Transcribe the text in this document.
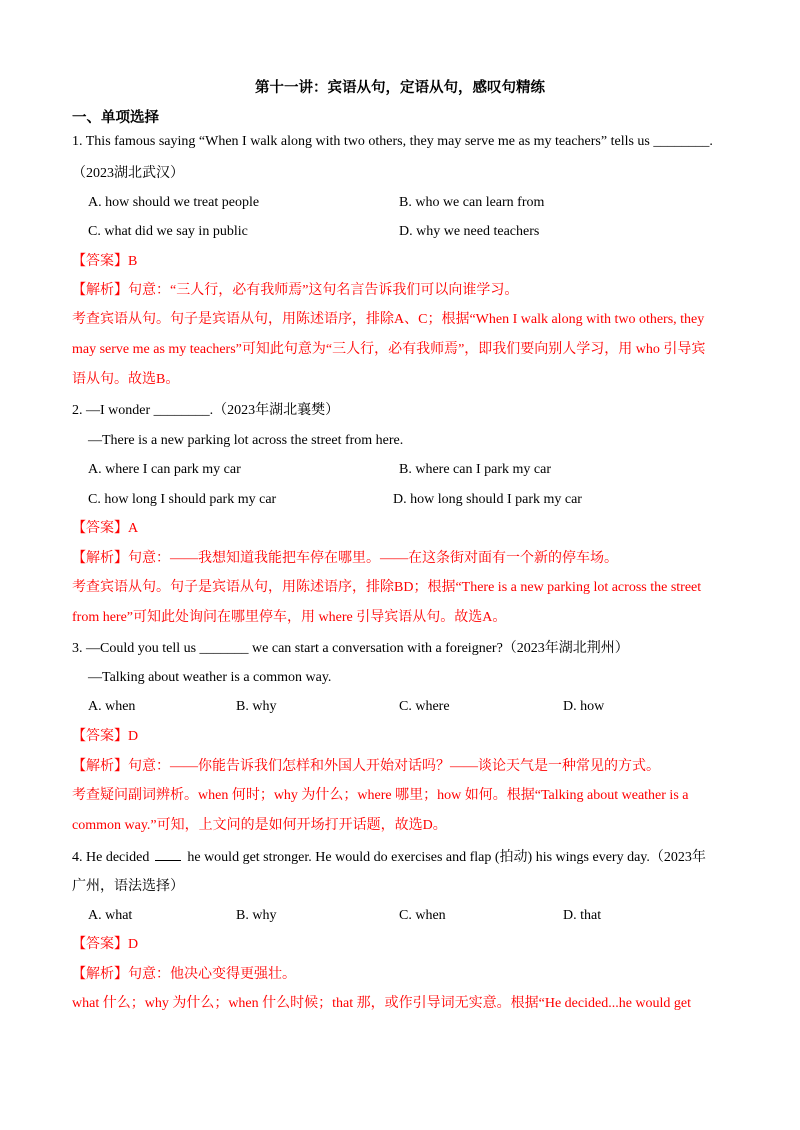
第十一讲：宾语从句，定语从句，感叹句精练
一、单项选择
1. This famous saying “When I walk along with two others, they may serve me as my teachers” tells us ________.
（2023湖北武汉）
A. how should we treat people	B. who we can learn from
C. what did we say in public	D. why we need teachers
【答案】B
【解析】句意：“三人行，必有我师焉”这句名言告诉我们可以向谁学习。
考查宾语从句。句子是宾语从句，用陈述语序，排除A、C；根据“When I walk along with two others, they
may serve me as my teachers”可知此句意为“三人行，必有我师焉”，即我们要向别人学习，用 who 引导宾
语从句。故选B。
2. —I wonder ________.（2023年湖北襄樊）
—There is a new parking lot across the street from here.
A. where I can park my car	B. where can I park my car
C. how long I should park my car	D. how long should I park my car
【答案】A
【解析】句意：——我想知道我能把车停在哪里。——在这条街对面有一个新的停车场。
考查宾语从句。句子是宾语从句，用陈述语序，排除BD；根据“There is a new parking lot across the street
from here”可知此处询问在哪里停车，用 where 引导宾语从句。故选A。
3. —Could you tell us _______ we can start a conversation with a foreigner?（2023年湖北荆州）
—Talking about weather is a common way.
A. when	B. why	C. where	D. how
【答案】D
【解析】句意：——你能告诉我们怎样和外国人开始对话吗？——谈论天气是一种常见的方式。
考查疑问副词辨析。when 何时；why 为什么；where 哪里；how 如何。根据“Talking about weather is a
common way.”可知，上文问的是如何开场打开话题，故选D。
4. He decided	he would get stronger. He would do exercises and flap (拍动) his wings every day.（2023年
广州，语法选择）
A. what	B. why	C. when	D. that
【答案】D
【解析】句意：他决心变得更强壮。
what 什么；why 为什么；when 什么时候；that 那，或作引导词无实意。根据“He decided...he would get
